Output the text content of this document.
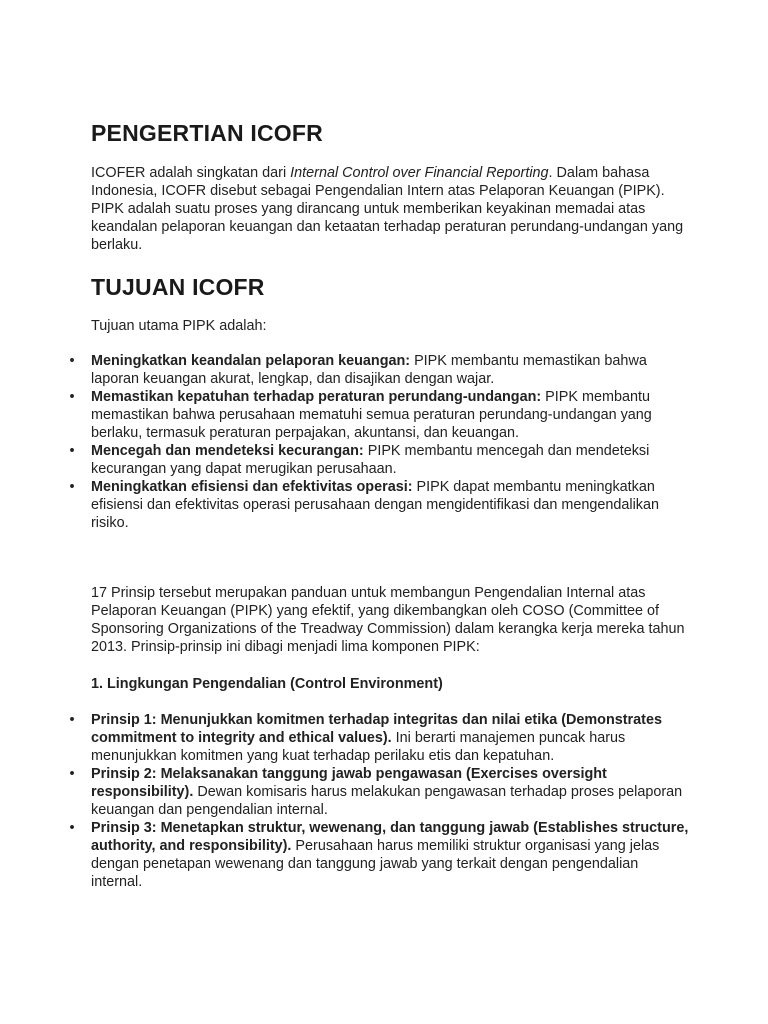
PENGERTIAN ICOFR

ICOFER adalah singkatan dari Internal Control over Financial Reporting. Dalam bahasa Indonesia, ICOFR disebut sebagai Pengendalian Intern atas Pelaporan Keuangan (PIPK). PIPK adalah suatu proses yang dirancang untuk memberikan keyakinan memadai atas keandalan pelaporan keuangan dan ketaatan terhadap peraturan perundang-undangan yang berlaku.

TUJUAN ICOFR

Tujuan utama PIPK adalah:

• Meningkatkan keandalan pelaporan keuangan: PIPK membantu memastikan bahwa laporan keuangan akurat, lengkap, dan disajikan dengan wajar.
• Memastikan kepatuhan terhadap peraturan perundang-undangan: PIPK membantu memastikan bahwa perusahaan mematuhi semua peraturan perundang-undangan yang berlaku, termasuk peraturan perpajakan, akuntansi, dan keuangan.
• Mencegah dan mendeteksi kecurangan: PIPK membantu mencegah dan mendeteksi kecurangan yang dapat merugikan perusahaan.
• Meningkatkan efisiensi dan efektivitas operasi: PIPK dapat membantu meningkatkan efisiensi dan efektivitas operasi perusahaan dengan mengidentifikasi dan mengendalikan risiko.

17 Prinsip tersebut merupakan panduan untuk membangun Pengendalian Internal atas Pelaporan Keuangan (PIPK) yang efektif, yang dikembangkan oleh COSO (Committee of Sponsoring Organizations of the Treadway Commission) dalam kerangka kerja mereka tahun 2013. Prinsip-prinsip ini dibagi menjadi lima komponen PIPK:

1. Lingkungan Pengendalian (Control Environment)

• Prinsip 1: Menunjukkan komitmen terhadap integritas dan nilai etika (Demonstrates commitment to integrity and ethical values). Ini berarti manajemen puncak harus menunjukkan komitmen yang kuat terhadap perilaku etis dan kepatuhan.
• Prinsip 2: Melaksanakan tanggung jawab pengawasan (Exercises oversight responsibility). Dewan komisaris harus melakukan pengawasan terhadap proses pelaporan keuangan dan pengendalian internal.
• Prinsip 3: Menetapkan struktur, wewenang, dan tanggung jawab (Establishes structure, authority, and responsibility). Perusahaan harus memiliki struktur organisasi yang jelas dengan penetapan wewenang dan tanggung jawab yang terkait dengan pengendalian internal.
